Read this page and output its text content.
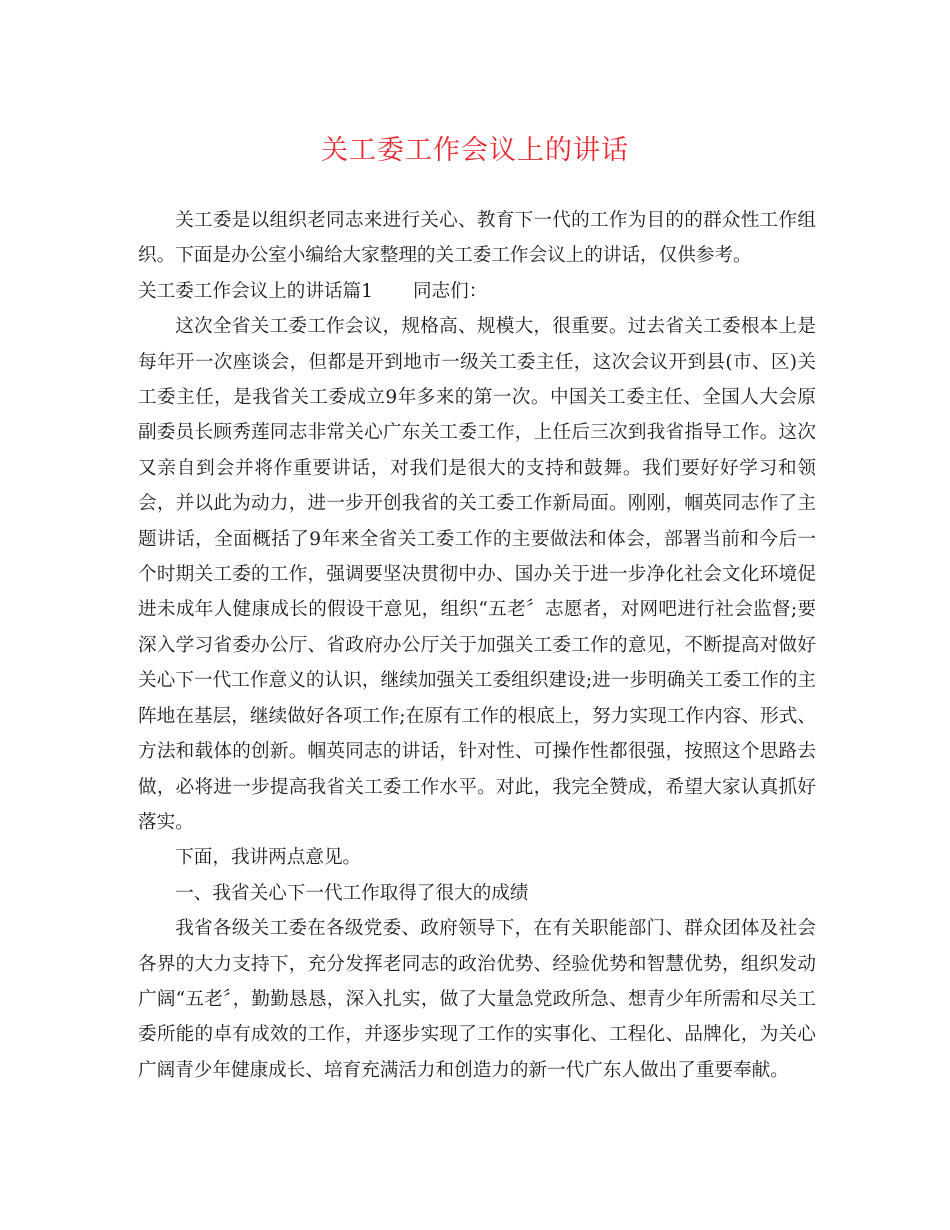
关工委工作会议上的讲话

关工委是以组织老同志来进行关心、教育下一代的工作为目的的群众性工作组织。下面是办公室小编给大家整理的关工委工作会议上的讲话，仅供参考。

关工委工作会议上的讲话篇1 同志们：

这次全省关工委工作会议，规格高、规模大，很重要。过去省关工委根本上是每年开一次座谈会，但都是开到地市一级关工委主任，这次会议开到县(市、区)关工委主任，是我省关工委成立9年多来的第一次。中国关工委主任、全国人大会原副委员长顾秀莲同志非常关心广东关工委工作，上任后三次到我省指导工作。这次又亲自到会并将作重要讲话，对我们是很大的支持和鼓舞。我们要好好学习和领会，并以此为动力，进一步开创我省的关工委工作新局面。刚刚，帼英同志作了主题讲话，全面概括了9年来全省关工委工作的主要做法和体会，部署当前和今后一个时期关工委的工作，强调要坚决贯彻中办、国办关于进一步净化社会文化环境促进未成年人健康成长的假设干意见，组织“五老〞志愿者，对网吧进行社会监督;要深入学习省委办公厅、省政府办公厅关于加强关工委工作的意见，不断提高对做好关心下一代工作意义的认识，继续加强关工委组织建设;进一步明确关工委工作的主阵地在基层，继续做好各项工作;在原有工作的根底上，努力实现工作内容、形式、方法和载体的创新。帼英同志的讲话，针对性、可操作性都很强，按照这个思路去做，必将进一步提高我省关工委工作水平。对此，我完全赞成，希望大家认真抓好落实。

下面，我讲两点意见。

一、我省关心下一代工作取得了很大的成绩

我省各级关工委在各级党委、政府领导下，在有关职能部门、群众团体及社会各界的大力支持下，充分发挥老同志的政治优势、经验优势和智慧优势，组织发动广阔“五老〞，勤勤恳恳，深入扎实，做了大量急党政所急、想青少年所需和尽关工委所能的卓有成效的工作，并逐步实现了工作的实事化、工程化、品牌化，为关心广阔青少年健康成长、培育充满活力和创造力的新一代广东人做出了重要奉献。
